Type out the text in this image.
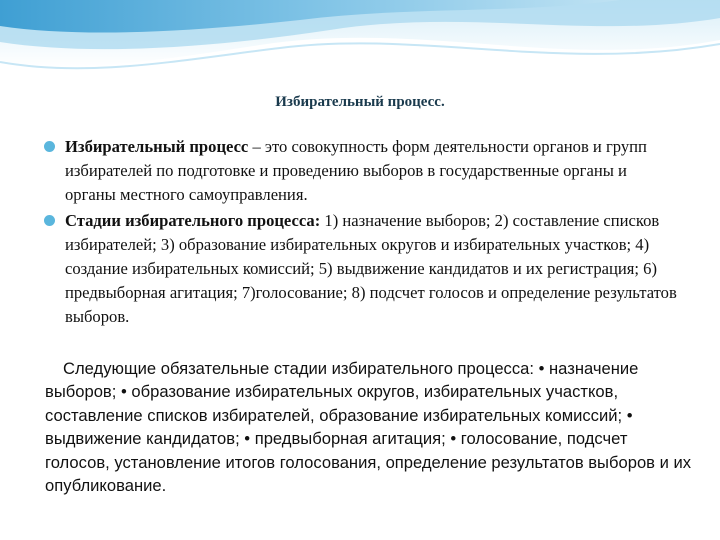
Избирательный процесс.
Избирательный процесс – это совокупность форм деятельности органов и групп избирателей по подготовке и проведению выборов в государственные органы и органы местного самоуправления.
Стадии избирательного процесса: 1) назначение выборов; 2) составление списков избирателей; 3) образование избирательных округов и избирательных участков; 4) создание избирательных комиссий; 5) выдвижение кандидатов и их регистрация; 6) предвыборная агитация; 7)голосование; 8) подсчет голосов и определение результатов выборов.

Следующие обязательные стадии избирательного процесса: • назначение выборов; • образование избирательных округов, избирательных участков, составление списков избирателей, образование избирательных комиссий; • выдвижение кандидатов; • предвыборная агитация; • голосование, подсчет голосов, установление итогов голосования, определение результатов выборов и их опубликование.
